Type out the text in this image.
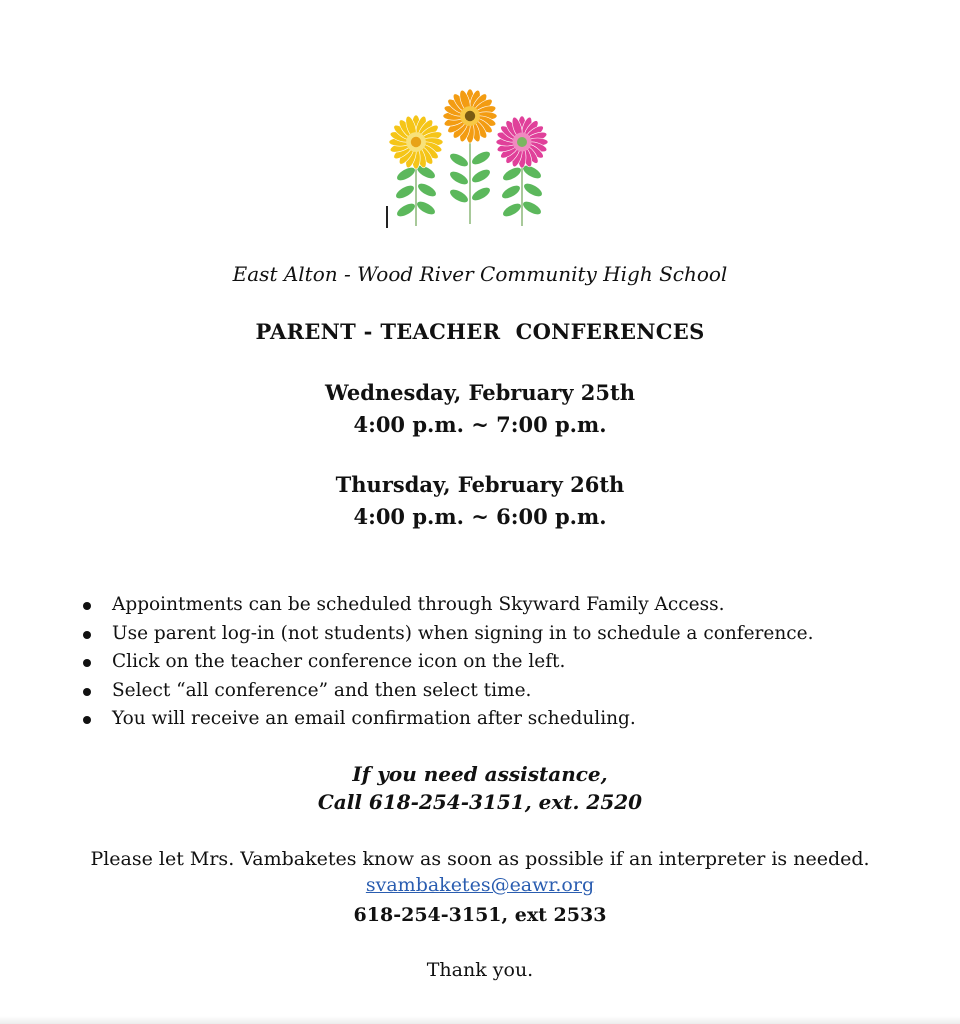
East Alton - Wood River Community High School
PARENT - TEACHER  CONFERENCES
Wednesday, February 25th
4:00 p.m. ~ 7:00 p.m.
Thursday, February 26th
4:00 p.m. ~ 6:00 p.m.
Appointments can be scheduled through Skyward Family Access.
Use parent log-in (not students) when signing in to schedule a conference.
Click on the teacher conference icon on the left.
Select “all conference” and then select time.
You will receive an email confirmation after scheduling.
If you need assistance,
Call 618-254-3151, ext. 2520
Please let Mrs. Vambaketes know as soon as possible if an interpreter is needed.
svambaketes@eawr.org
618-254-3151, ext 2533
Thank you.
